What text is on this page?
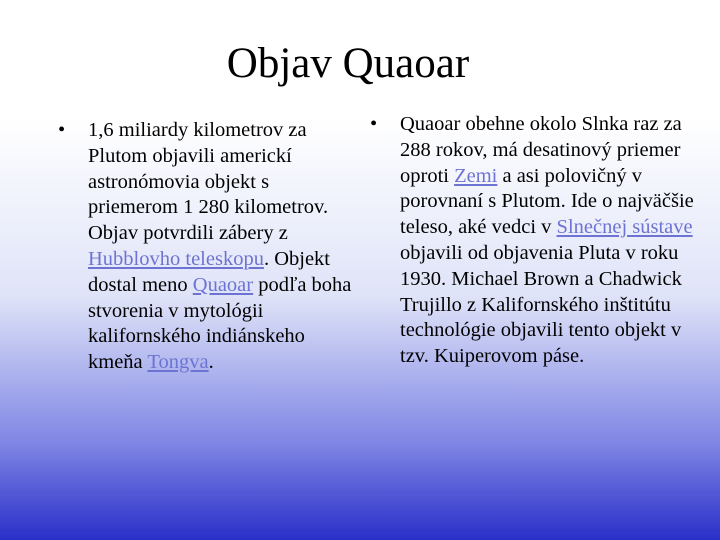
Objav Quaoar
• 1,6 miliardy kilometrov za Plutom objavili americkí astronómovia objekt s priemerom 1 280 kilometrov. Objav potvrdili zábery z Hubblovho teleskopu. Objekt dostal meno Quaoar podľa boha stvorenia v mytológii kalifornského indiánskeho kmeňa Tongva.

• Quaoar obehne okolo Slnka raz za 288 rokov, má desatinový priemer oproti Zemi a asi polovičný v porovnaní s Plutom. Ide o najväčšie teleso, aké vedci v Slnečnej sústave objavili od objavenia Pluta v roku 1930. Michael Brown a Chadwick Trujillo z Kalifornského inštitútu technológie objavili tento objekt v tzv. Kuiperovom páse.
